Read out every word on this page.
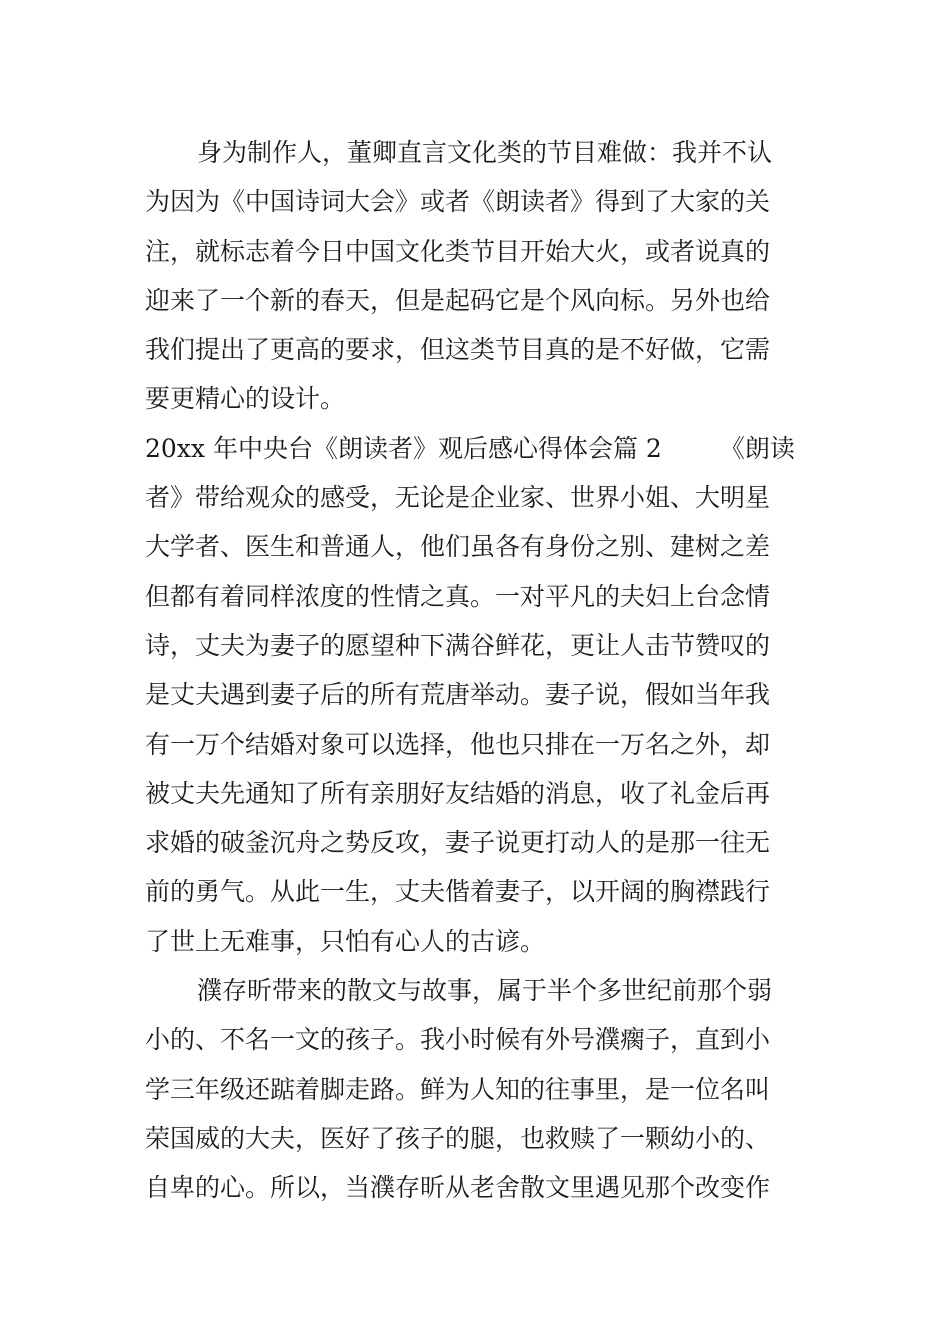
身为制作人，董卿直言文化类的节目难做：我并不认
为因为《中国诗词大会》或者《朗读者》得到了大家的关
注，就标志着今日中国文化类节目开始大火，或者说真的
迎来了一个新的春天，但是起码它是个风向标。另外也给
我们提出了更高的要求，但这类节目真的是不好做，它需
要更精心的设计。
20xx 年中央台《朗读者》观后感心得体会篇 2 《朗读
者》带给观众的感受，无论是企业家、世界小姐、大明星
大学者、医生和普通人，他们虽各有身份之别、建树之差
但都有着同样浓度的性情之真。一对平凡的夫妇上台念情
诗，丈夫为妻子的愿望种下满谷鲜花，更让人击节赞叹的
是丈夫遇到妻子后的所有荒唐举动。妻子说，假如当年我
有一万个结婚对象可以选择，他也只排在一万名之外，却
被丈夫先通知了所有亲朋好友结婚的消息，收了礼金后再
求婚的破釜沉舟之势反攻，妻子说更打动人的是那一往无
前的勇气。从此一生，丈夫偕着妻子，以开阔的胸襟践行
了世上无难事，只怕有心人的古谚。
濮存昕带来的散文与故事，属于半个多世纪前那个弱
小的、不名一文的孩子。我小时候有外号濮瘸子，直到小
学三年级还踮着脚走路。鲜为人知的往事里，是一位名叫
荣国威的大夫，医好了孩子的腿，也救赎了一颗幼小的、
自卑的心。所以，当濮存昕从老舍散文里遇见那个改变作
